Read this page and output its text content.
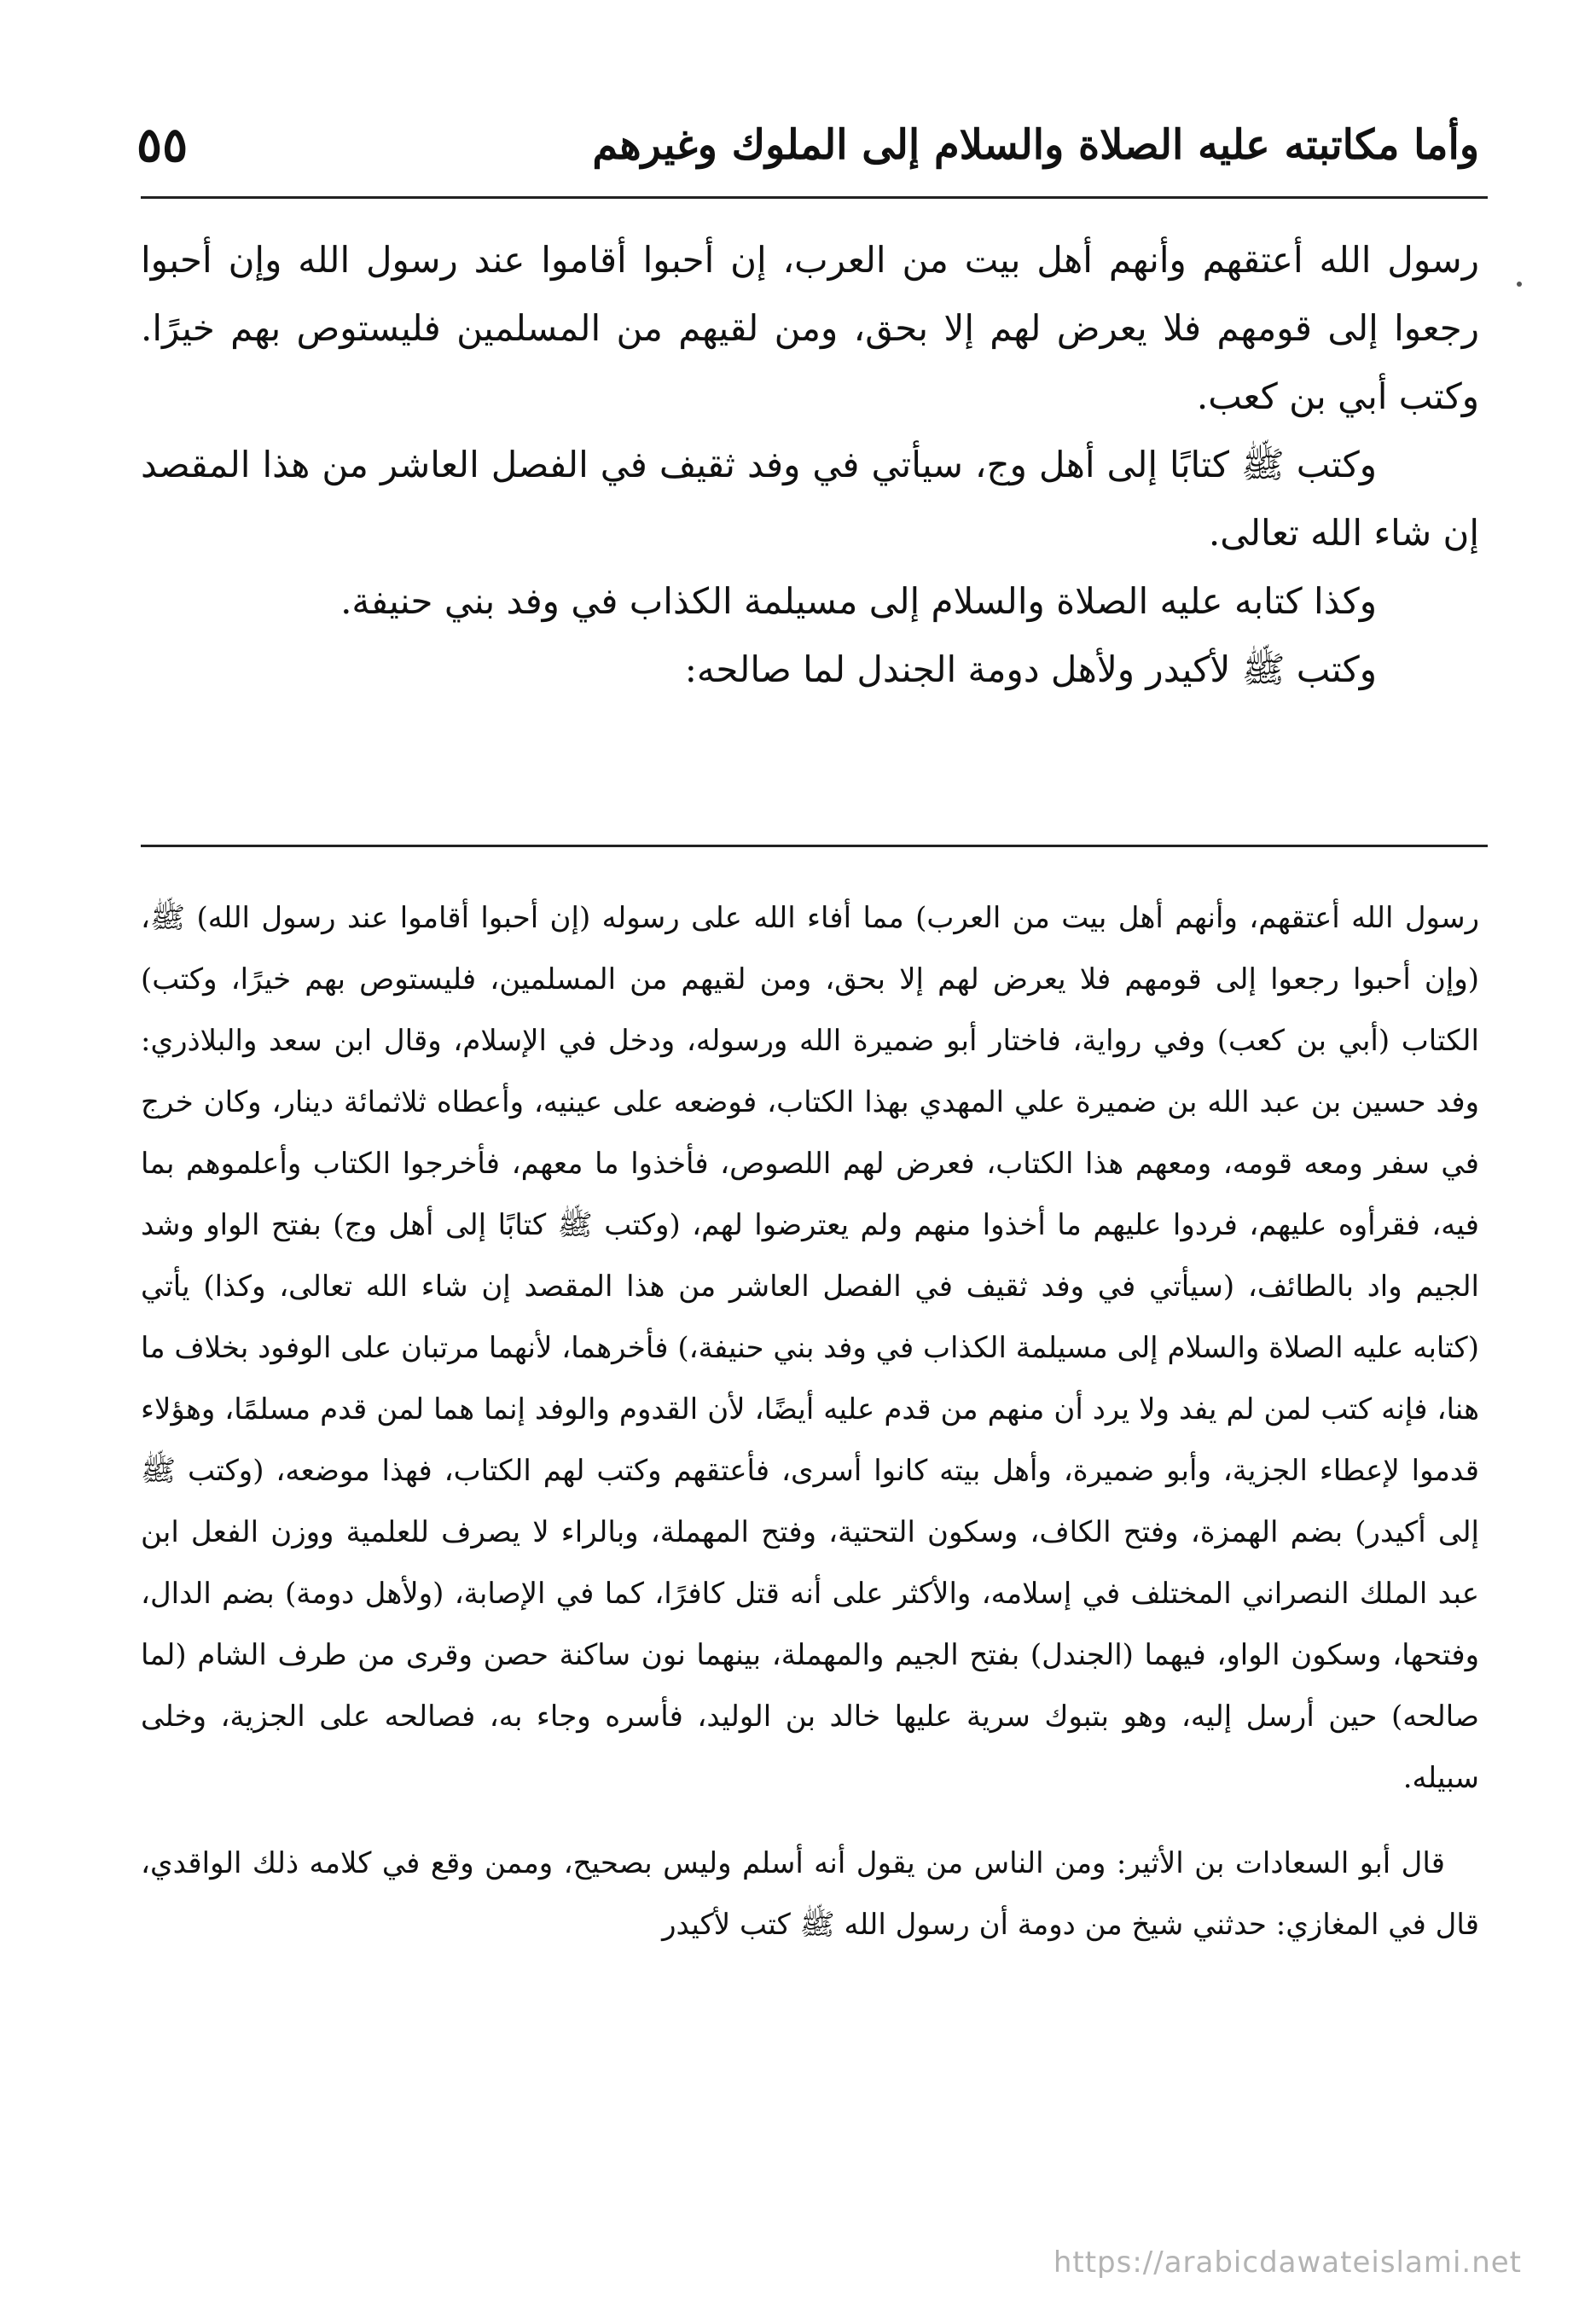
٥٥	وأما مكاتبته عليه الصلاة والسلام إلى الملوك وغيرهم

رسول الله أعتقهم وأنهم أهل بيت من العرب، إن أحبوا أقاموا عند رسول الله وإن أحبوا رجعوا إلى قومهم فلا يعرض لهم إلا بحق، ومن لقيهم من المسلمين فليستوص بهم خيرًا. وكتب أبي بن كعب.

وكتب ﷺ كتابًا إلى أهل وج، سيأتي في وفد ثقيف في الفصل العاشر من هذا المقصد إن شاء الله تعالى.

وكذا كتابه عليه الصلاة والسلام إلى مسيلمة الكذاب في وفد بني حنيفة.

وكتب ﷺ لأكيدر ولأهل دومة الجندل لما صالحه:

رسول الله أعتقهم، وأنهم أهل بيت من العرب) مما أفاء الله على رسوله (إن أحبوا أقاموا عند رسول الله) ﷺ، (وإن أحبوا رجعوا إلى قومهم فلا يعرض لهم إلا بحق، ومن لقيهم من المسلمين، فليستوص بهم خيرًا، وكتب) الكتاب (أبي بن كعب) وفي رواية، فاختار أبو ضميرة الله ورسوله، ودخل في الإسلام، وقال ابن سعد والبلاذري: وفد حسين بن عبد الله بن ضميرة علي المهدي بهذا الكتاب، فوضعه على عينيه، وأعطاه ثلاثمائة دينار، وكان خرج في سفر ومعه قومه، ومعهم هذا الكتاب، فعرض لهم اللصوص، فأخذوا ما معهم، فأخرجوا الكتاب وأعلموهم بما فيه، فقرأوه عليهم، فردوا عليهم ما أخذوا منهم ولم يعترضوا لهم، (وكتب ﷺ كتابًا إلى أهل وج) بفتح الواو وشد الجيم واد بالطائف، (سيأتي في وفد ثقيف في الفصل العاشر من هذا المقصد إن شاء الله تعالى، وكذا) يأتي (كتابه عليه الصلاة والسلام إلى مسيلمة الكذاب في وفد بني حنيفة،) فأخرهما، لأنهما مرتبان على الوفود بخلاف ما هنا، فإنه كتب لمن لم يفد ولا يرد أن منهم من قدم عليه أيضًا، لأن القدوم والوفد إنما هما لمن قدم مسلمًا، وهؤلاء قدموا لإعطاء الجزية، وأبو ضميرة، وأهل بيته كانوا أسرى، فأعتقهم وكتب لهم الكتاب، فهذا موضعه، (وكتب ﷺ إلى أكيدر) بضم الهمزة، وفتح الكاف، وسكون التحتية، وفتح المهملة، وبالراء لا يصرف للعلمية ووزن الفعل ابن عبد الملك النصراني المختلف في إسلامه، والأكثر على أنه قتل كافرًا، كما في الإصابة، (ولأهل دومة) بضم الدال، وفتحها، وسكون الواو، فيهما (الجندل) بفتح الجيم والمهملة، بينهما نون ساكنة حصن وقرى من طرف الشام (لما صالحه) حين أرسل إليه، وهو بتبوك سرية عليها خالد بن الوليد، فأسره وجاء به، فصالحه على الجزية، وخلى سبيله.

قال أبو السعادات بن الأثير: ومن الناس من يقول أنه أسلم وليس بصحيح، وممن وقع في كلامه ذلك الواقدي، قال في المغازي: حدثني شيخ من دومة أن رسول الله ﷺ كتب لأكيدر

https://arabicdawateislami.net
